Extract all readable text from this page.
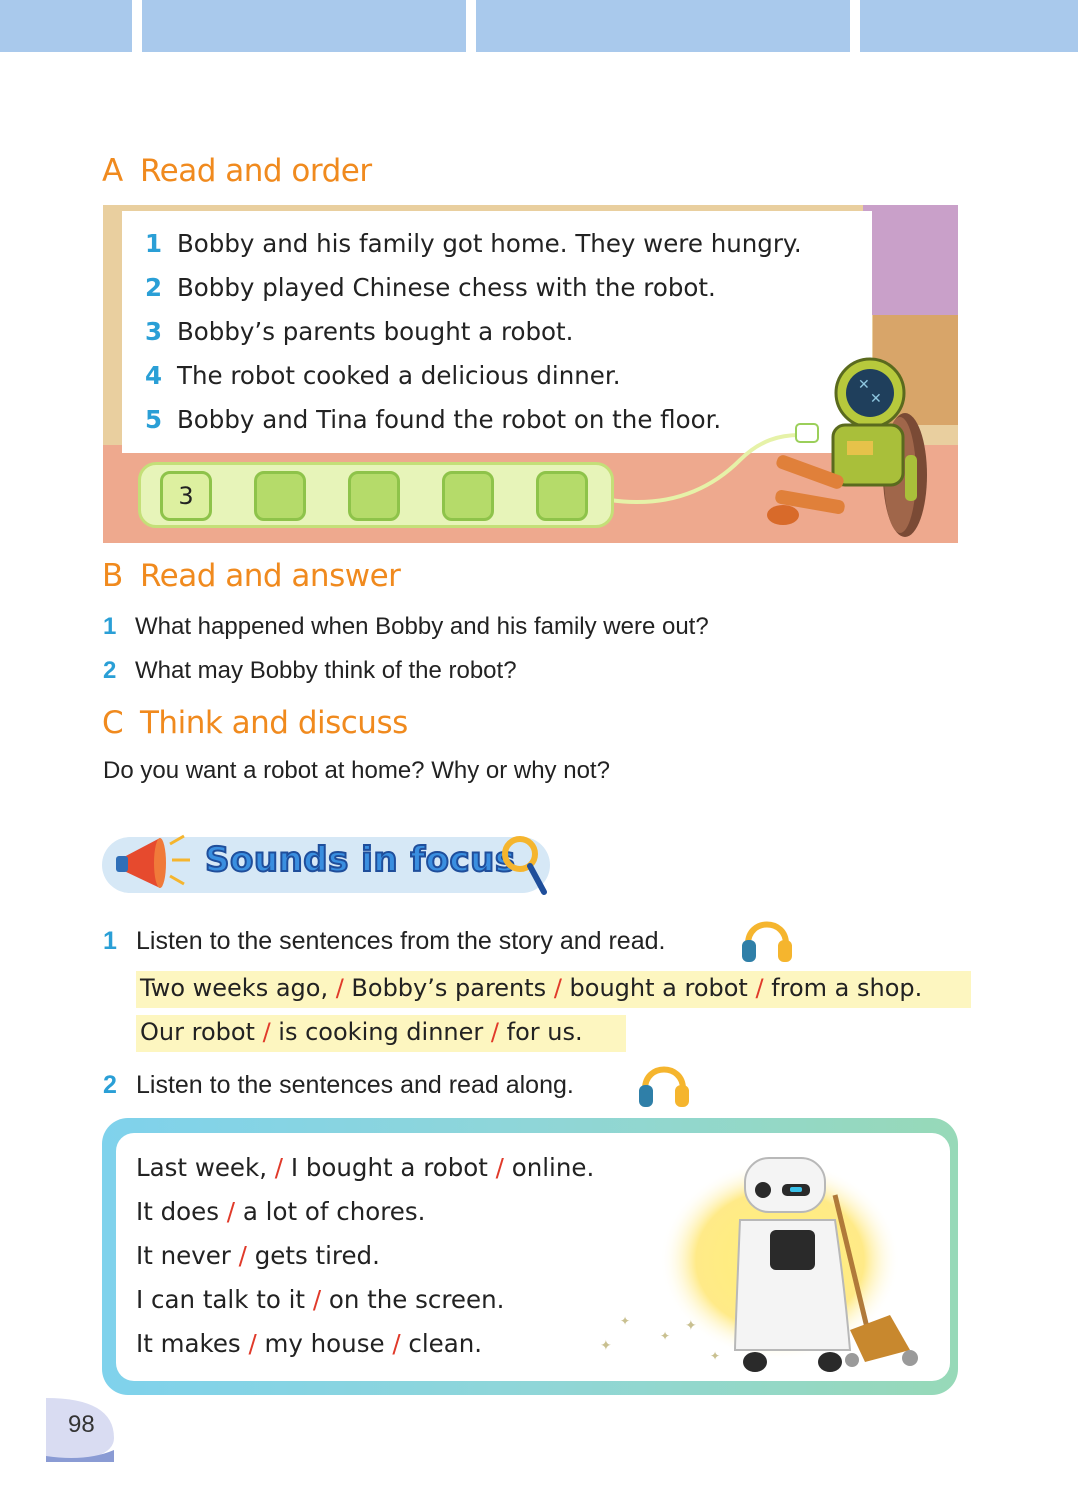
A Read and order
1 Bobby and his family got home. They were hungry.
2 Bobby played Chinese chess with the robot.
3 Bobby’s parents bought a robot.
4 The robot cooked a delicious dinner.
5 Bobby and Tina found the robot on the floor.
3
✕
✕
B Read and answer
1 What happened when Bobby and his family were out?
2 What may Bobby think of the robot?
C Think and discuss
Do you want a robot at home? Why or why not?
Sounds in focus
1 Listen to the sentences from the story and read.
Two weeks ago, / Bobby’s parents / bought a robot / from a shop.
Our robot / is cooking dinner / for us.
2 Listen to the sentences and read along.
Last week, / I bought a robot / online.
It does / a lot of chores.
It never / gets tired.
I can talk to it / on the screen.
It makes / my house / clean.	✦
✦
✦
✦
✦
98
